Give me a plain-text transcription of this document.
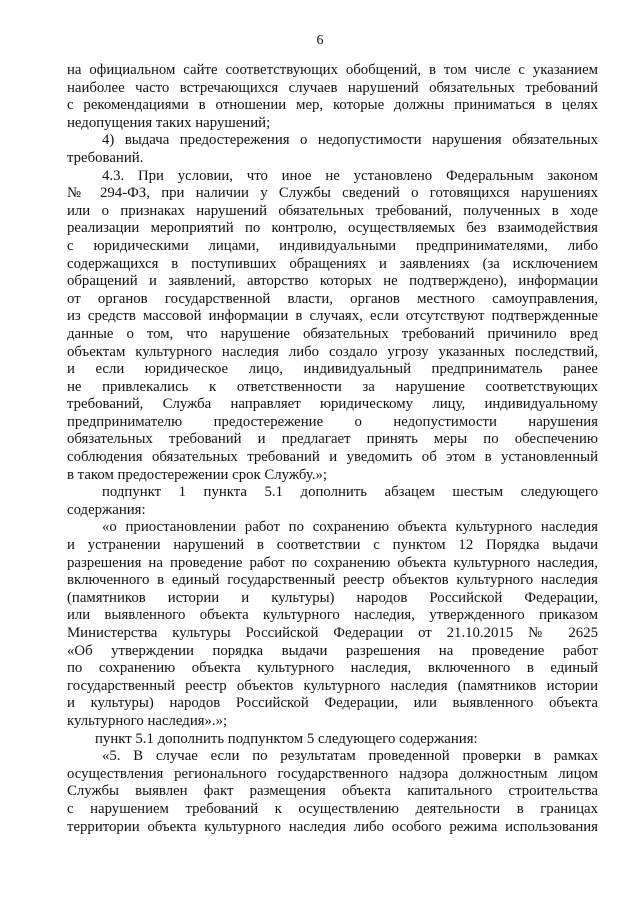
6
на официальном сайте соответствующих обобщений, в том числе с указанием
наиболее часто встречающихся случаев нарушений обязательных требований
с рекомендациями в отношении мер, которые должны приниматься в целях
недопущения таких нарушений;
4) выдача предостережения о недопустимости нарушения обязательных
требований.
4.3. При условии, что иное не установлено Федеральным законом
№ 294-ФЗ, при наличии у Службы сведений о готовящихся нарушениях
или о признаках нарушений обязательных требований, полученных в ходе
реализации мероприятий по контролю, осуществляемых без взаимодействия
с юридическими лицами, индивидуальными предпринимателями, либо
содержащихся в поступивших обращениях и заявлениях (за исключением
обращений и заявлений, авторство которых не подтверждено), информации
от органов государственной власти, органов местного самоуправления,
из средств массовой информации в случаях, если отсутствуют подтвержденные
данные о том, что нарушение обязательных требований причинило вред
объектам культурного наследия либо создало угрозу указанных последствий,
и если юридическое лицо, индивидуальный предприниматель ранее
не привлекались к ответственности за нарушение соответствующих
требований, Служба направляет юридическому лицу, индивидуальному
предпринимателю предостережение о недопустимости нарушения
обязательных требований и предлагает принять меры по обеспечению
соблюдения обязательных требований и уведомить об этом в установленный
в таком предостережении срок Службу.»;
подпункт 1 пункта 5.1 дополнить абзацем шестым следующего
содержания:
«о приостановлении работ по сохранению объекта культурного наследия
и устранении нарушений в соответствии с пунктом 12 Порядка выдачи
разрешения на проведение работ по сохранению объекта культурного наследия,
включенного в единый государственный реестр объектов культурного наследия
(памятников истории и культуры) народов Российской Федерации,
или выявленного объекта культурного наследия, утвержденного приказом
Министерства культуры Российской Федерации от 21.10.2015 № 2625
«Об утверждении порядка выдачи разрешения на проведение работ
по сохранению объекта культурного наследия, включенного в единый
государственный реестр объектов культурного наследия (памятников истории
и культуры) народов Российской Федерации, или выявленного объекта
культурного наследия».»;
пункт 5.1 дополнить подпунктом 5 следующего содержания:
«5. В случае если по результатам проведенной проверки в рамках
осуществления регионального государственного надзора должностным лицом
Службы выявлен факт размещения объекта капитального строительства
с нарушением требований к осуществлению деятельности в границах
территории объекта культурного наследия либо особого режима использования
